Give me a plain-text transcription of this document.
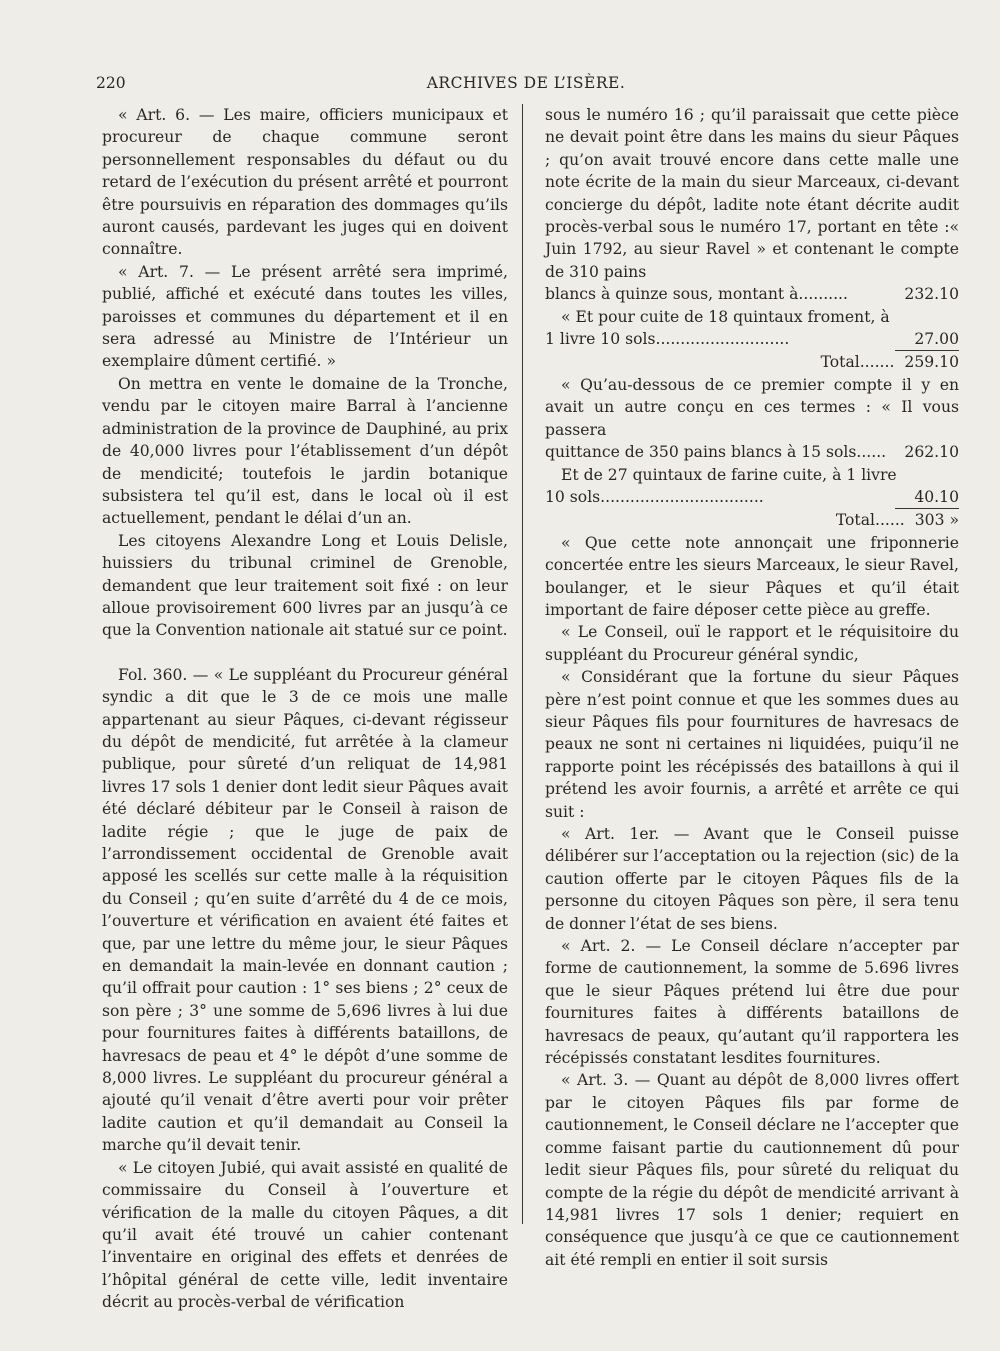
220	ARCHIVES DE L’ISÈRE.

« Art. 6. — Les maire, officiers municipaux et procureur de chaque commune seront personnellement responsables du défaut ou du retard de l’exécution du présent arrêté et pourront être poursuivis en réparation des dommages qu’ils auront causés, pardevant les juges qui en doivent connaître.

« Art. 7. — Le présent arrêté sera imprimé, publié, affiché et exécuté dans toutes les villes, paroisses et communes du département et il en sera adressé au Ministre de l’Intérieur un exemplaire dûment certifié. »

On mettra en vente le domaine de la Tronche, vendu par le citoyen maire Barral à l’ancienne administration de la province de Dauphiné, au prix de 40,000 livres pour l’établissement d’un dépôt de mendicité; toutefois le jardin botanique subsistera tel qu’il est, dans le local où il est actuellement, pendant le délai d’un an.

Les citoyens Alexandre Long et Louis Delisle, huissiers du tribunal criminel de Grenoble, demandent que leur traitement soit fixé : on leur alloue provisoirement 600 livres par an jusqu’à ce que la Convention nationale ait statué sur ce point.

Fol. 360. — « Le suppléant du Procureur général syndic a dit que le 3 de ce mois une malle appartenant au sieur Pâques, ci-devant régisseur du dépôt de mendicité, fut arrêtée à la clameur publique, pour sûreté d’un reliquat de 14,981 livres 17 sols 1 denier dont ledit sieur Pâques avait été déclaré débiteur par le Conseil à raison de ladite régie ; que le juge de paix de l’arrondissement occidental de Grenoble avait apposé les scellés sur cette malle à la réquisition du Conseil ; qu’en suite d’arrêté du 4 de ce mois, l’ouverture et vérification en avaient été faites et que, par une lettre du même jour, le sieur Pâques en demandait la main-levée en donnant caution ; qu’il offrait pour caution : 1° ses biens ; 2° ceux de son père ; 3° une somme de 5,696 livres à lui due pour fournitures faites à différents bataillons, de havresacs de peau et 4° le dépôt d’une somme de 8,000 livres. Le suppléant du procureur général a ajouté qu’il venait d’être averti pour voir prêter ladite caution et qu’il demandait au Conseil la marche qu’il devait tenir.

« Le citoyen Jubié, qui avait assisté en qualité de commissaire du Conseil à l’ouverture et vérification de la malle du citoyen Pâques, a dit qu’il avait été trouvé un cahier contenant l’inventaire en original des effets et denrées de l’hôpital général de cette ville, ledit inventaire décrit au procès-verbal de vérification

sous le numéro 16 ; qu’il paraissait que cette pièce ne devait point être dans les mains du sieur Pâques ; qu’on avait trouvé encore dans cette malle une note écrite de la main du sieur Marceaux, ci-devant concierge du dépôt, ladite note étant décrite audit procès-verbal sous le numéro 17, portant en tête :« Juin 1792, au sieur Ravel » et contenant le compte de 310 pains

blancs à quinze sous, montant à..........	232.10

« Et pour cuite de 18 quintaux froment, à

1 livre 10 sols...........................	27.00
Total....... 259.10

« Qu’au-dessous de ce premier compte il y en avait un autre conçu en ces termes : « Il vous passera

quittance de 350 pains blancs à 15 sols......	262.10

Et de 27 quintaux de farine cuite, à 1 livre

10 sols.................................	40.10
Total...... 303 »

« Que cette note annonçait une friponnerie concertée entre les sieurs Marceaux, le sieur Ravel, boulanger, et le sieur Pâques et qu’il était important de faire déposer cette pièce au greffe.

« Le Conseil, ouï le rapport et le réquisitoire du suppléant du Procureur général syndic,

« Considérant que la fortune du sieur Pâques père n’est point connue et que les sommes dues au sieur Pâques fils pour fournitures de havresacs de peaux ne sont ni certaines ni liquidées, puiqu’il ne rapporte point les récépissés des bataillons à qui il prétend les avoir fournis, a arrêté et arrête ce qui suit :

« Art. 1er. — Avant que le Conseil puisse délibérer sur l’acceptation ou la rejection (sic) de la caution offerte par le citoyen Pâques fils de la personne du citoyen Pâques son père, il sera tenu de donner l’état de ses biens.

« Art. 2. — Le Conseil déclare n’accepter par forme de cautionnement, la somme de 5.696 livres que le sieur Pâques prétend lui être due pour fournitures faites à différents bataillons de havresacs de peaux, qu’autant qu’il rapportera les récépissés constatant lesdites fournitures.

« Art. 3. — Quant au dépôt de 8,000 livres offert par le citoyen Pâques fils par forme de cautionnement, le Conseil déclare ne l’accepter que comme faisant partie du cautionnement dû pour ledit sieur Pâques fils, pour sûreté du reliquat du compte de la régie du dépôt de mendicité arrivant à 14,981 livres 17 sols 1 denier; requiert en conséquence que jusqu’à ce que ce cautionnement ait été rempli en entier il soit sursis
